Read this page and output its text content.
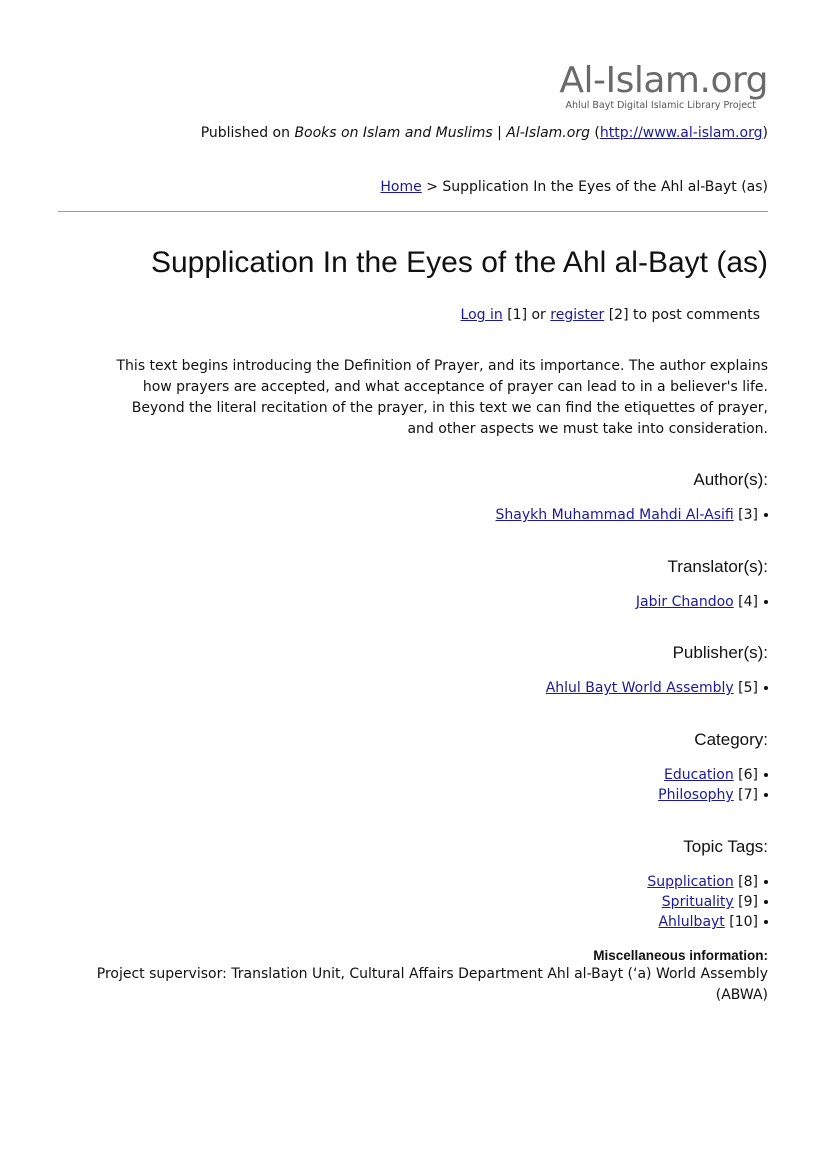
Al-Islam.org
Ahlul Bayt Digital Islamic Library Project
Published on Books on Islam and Muslims | Al-Islam.org (http://www.al-islam.org)
Home > Supplication In the Eyes of the Ahl al-Bayt (as)
Supplication In the Eyes of the Ahl al-Bayt (as)
Log in [1] or register [2] to post comments
This text begins introducing the Definition of Prayer, and its importance. The author explains how prayers are accepted, and what acceptance of prayer can lead to in a believer's life. Beyond the literal recitation of the prayer, in this text we can find the etiquettes of prayer, and other aspects we must take into consideration.
Author(s):
Shaykh Muhammad Mahdi Al-Asifi [3]
Translator(s):
Jabir Chandoo [4]
Publisher(s):
Ahlul Bayt World Assembly [5]
Category:
Education [6]
Philosophy [7]
Topic Tags:
Supplication [8]
Sprituality [9]
Ahlulbayt [10]
Miscellaneous information:
Project supervisor: Translation Unit, Cultural Affairs Department Ahl al-Bayt (‘a) World Assembly (ABWA)
